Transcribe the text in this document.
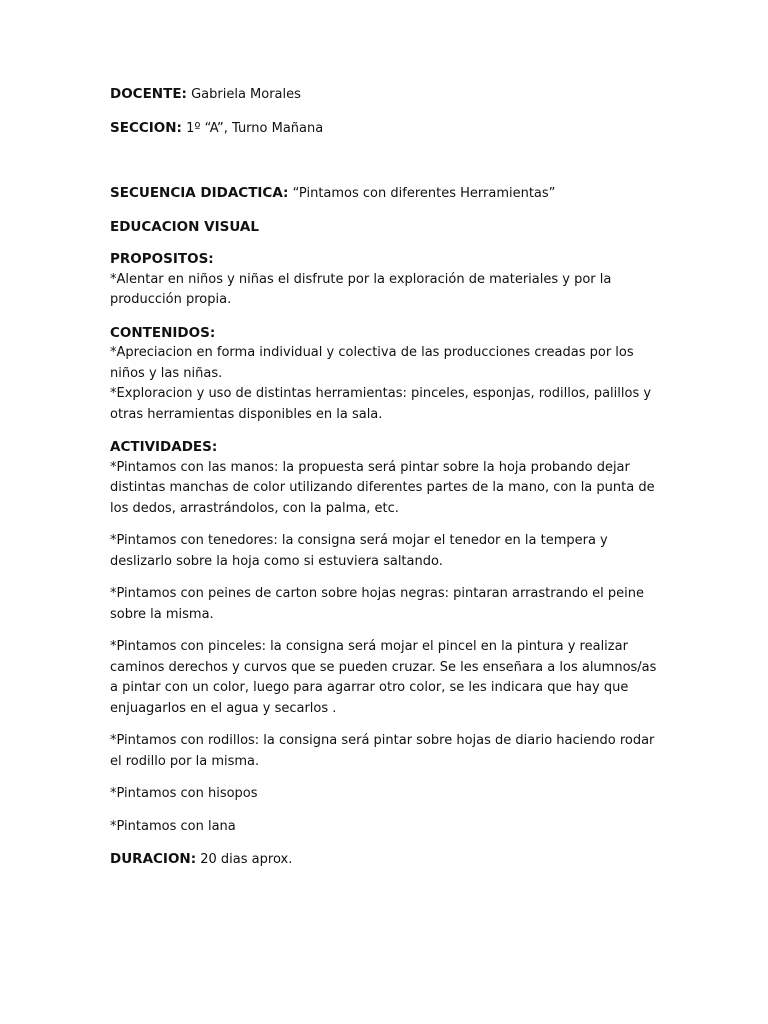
DOCENTE: Gabriela Morales

SECCION: 1º “A”, Turno Mañana

SECUENCIA DIDACTICA: “Pintamos con diferentes Herramientas”

EDUCACION VISUAL

PROPOSITOS:

*Alentar en niños y niñas el disfrute por la exploración de materiales y por la producción propia.

CONTENIDOS:

*Apreciacion en forma individual y colectiva de las producciones creadas por los niños y las niñas.

*Exploracion y uso de distintas herramientas: pinceles, esponjas, rodillos, palillos y otras herramientas disponibles en la sala.

ACTIVIDADES:

*Pintamos con las manos: la propuesta será pintar sobre la hoja probando dejar distintas manchas de color utilizando diferentes partes de la mano, con la punta de los dedos, arrastrándolos, con la palma, etc.

*Pintamos con tenedores: la consigna será mojar el tenedor en la tempera y deslizarlo sobre la hoja como si estuviera saltando.

*Pintamos con peines de carton sobre hojas negras: pintaran arrastrando el peine sobre la misma.

*Pintamos con pinceles: la consigna será mojar el pincel en la pintura y realizar caminos derechos y curvos que se pueden cruzar. Se les enseñara a los alumnos/as a pintar con un color, luego para agarrar otro color, se les indicara que hay que enjuagarlos en el agua y secarlos .

*Pintamos con rodillos: la consigna será pintar sobre hojas de diario haciendo rodar el rodillo por la misma.

*Pintamos con hisopos

*Pintamos con lana

DURACION: 20 dias aprox.
